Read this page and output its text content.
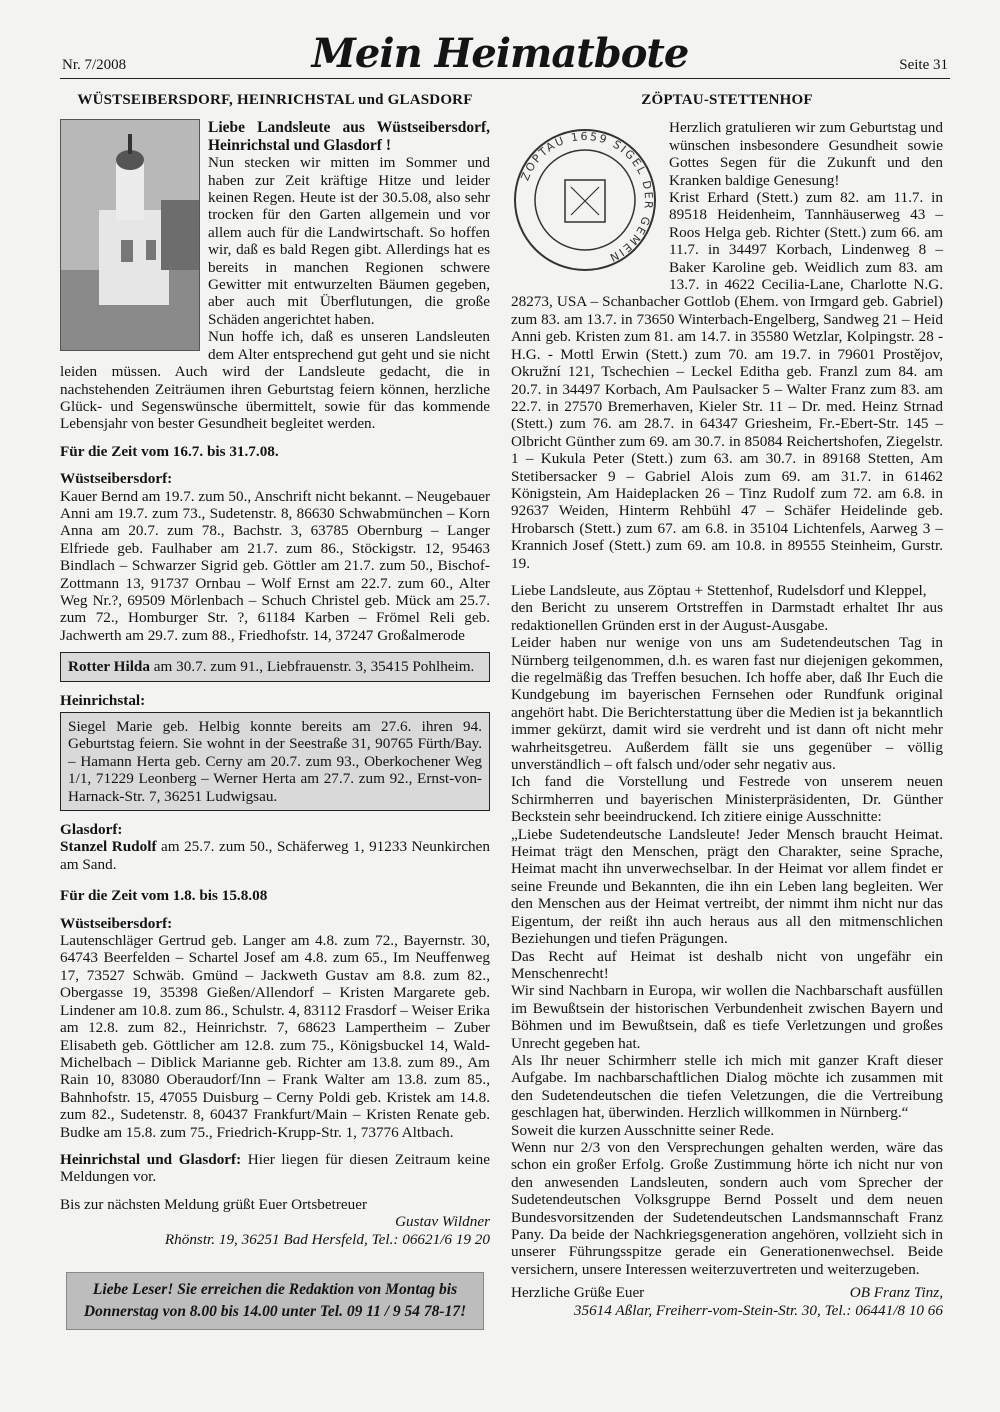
Nr. 7/2008	Mein Heimatbote	Seite 31
WÜSTSEIBERSDORF, HEINRICHSTAL und GLASDORF

Liebe Landsleute aus Wüstseibersdorf, Heinrichstal und Glasdorf !

Nun stecken wir mitten im Sommer und haben zur Zeit kräftige Hitze und leider keinen Regen. Heute ist der 30.5.08, also sehr trocken für den Garten allgemein und vor allem auch für die Landwirtschaft. So hoffen wir, daß es bald Regen gibt. Allerdings hat es bereits in manchen Regionen schwere Gewitter mit entwurzelten Bäumen gegeben, aber auch mit Überflutungen, die große Schäden angerichtet haben.

Nun hoffe ich, daß es unseren Landsleuten dem Alter entsprechend gut geht und sie nicht leiden müssen. Auch wird der Landsleute gedacht, die in nachstehenden Zeiträumen ihren Geburtstag feiern können, herzliche Glück- und Segenswünsche übermittelt, sowie für das kommende Lebensjahr von bester Gesundheit begleitet werden.

Für die Zeit vom 16.7. bis 31.7.08.

Wüstseibersdorf:

Kauer Bernd am 19.7. zum 50., Anschrift nicht bekannt. – Neugebauer Anni am 19.7. zum 73., Sudetenstr. 8, 86630 Schwabmünchen – Korn Anna am 20.7. zum 78., Bachstr. 3, 63785 Obernburg – Langer Elfriede geb. Faulhaber am 21.7. zum 86., Stöckigstr. 12, 95463 Bindlach – Schwarzer Sigrid geb. Göttler am 21.7. zum 50., Bischof-Zottmann 13, 91737 Ornbau – Wolf Ernst am 22.7. zum 60., Alter Weg Nr.?, 69509 Mörlenbach – Schuch Christel geb. Mück am 25.7. zum 72., Homburger Str. ?, 61184 Karben – Frömel Reli geb. Jachwerth am 29.7. zum 88., Friedhofstr. 14, 37247 Großalmerode

Rotter Hilda am 30.7. zum 91., Liebfrauenstr. 3, 35415 Pohlheim.

Heinrichstal:

Siegel Marie geb. Helbig konnte bereits am 27.6. ihren 94. Geburtstag feiern. Sie wohnt in der Seestraße 31, 90765 Fürth/Bay. – Hamann Herta geb. Cerny am 20.7. zum 93., Oberkochener Weg 1/1, 71229 Leonberg – Werner Herta am 27.7. zum 92., Ernst-von-Harnack-Str. 7, 36251 Ludwigsau.

Glasdorf:

Stanzel Rudolf am 25.7. zum 50., Schäferweg 1, 91233 Neunkirchen am Sand.

Für die Zeit vom 1.8. bis 15.8.08

Wüstseibersdorf:

Lautenschläger Gertrud geb. Langer am 4.8. zum 72., Bayernstr. 30, 64743 Beerfelden – Schartel Josef am 4.8. zum 65., Im Neuffenweg 17, 73527 Schwäb. Gmünd – Jackweth Gustav am 8.8. zum 82., Obergasse 19, 35398 Gießen/Allendorf – Kristen Margarete geb. Lindener am 10.8. zum 86., Schulstr. 4, 83112 Frasdorf – Weiser Erika am 12.8. zum 82., Heinrichstr. 7, 68623 Lampertheim – Zuber Elisabeth geb. Göttlicher am 12.8. zum 75., Königsbuckel 14, Wald-Michelbach – Diblick Marianne geb. Richter am 13.8. zum 89., Am Rain 10, 83080 Oberaudorf/Inn – Frank Walter am 13.8. zum 85., Bahnhofstr. 15, 47055 Duisburg – Cerny Poldi geb. Kristek am 14.8. zum 82., Sudetenstr. 8, 60437 Frankfurt/Main – Kristen Renate geb. Budke am 15.8. zum 75., Friedrich-Krupp-Str. 1, 73776 Altbach.

Heinrichstal und Glasdorf: Hier liegen für diesen Zeitraum keine Meldungen vor.

Bis zur nächsten Meldung grüßt Euer Ortsbetreuer

Gustav Wildner

Rhönstr. 19, 36251 Bad Hersfeld, Tel.: 06621/6 19 20

Liebe Leser! Sie erreichen die Redaktion von Montag bis Donnerstag von 8.00 bis 14.00 unter Tel. 09 11 / 9 54 78-17!
ZÖPTAU-STETTENHOF
ZÖPTAU 1659 SIGEL DER GEMEIN

Herzlich gratulieren wir zum Geburtstag und wünschen insbesondere Gesundheit sowie Gottes Segen für die Zukunft und den Kranken baldige Genesung!

Krist Erhard (Stett.) zum 82. am 11.7. in 89518 Heidenheim, Tannhäuserweg 43 – Roos Helga geb. Richter (Stett.) zum 66. am 11.7. in 34497 Korbach, Lindenweg 8 – Baker Karoline geb. Weidlich zum 83. am 13.7. in 4622 Cecilia-Lane, Charlotte N.G. 28273, USA – Schanbacher Gottlob (Ehem. von Irmgard geb. Gabriel) zum 83. am 13.7. in 73650 Winterbach-Engelberg, Sandweg 21 – Heid Anni geb. Kristen zum 81. am 14.7. in 35580 Wetzlar, Kolpingstr. 28 - H.G. - Mottl Erwin (Stett.) zum 70. am 19.7. in 79601 Prostějov, Okružní 121, Tschechien – Leckel Editha geb. Franzl zum 84. am 20.7. in 34497 Korbach, Am Paulsacker 5 – Walter Franz zum 83. am 22.7. in 27570 Bremerhaven, Kieler Str. 11 – Dr. med. Heinz Strnad (Stett.) zum 76. am 28.7. in 64347 Griesheim, Fr.-Ebert-Str. 145 – Olbricht Günther zum 69. am 30.7. in 85084 Reichertshofen, Ziegelstr. 1 – Kukula Peter (Stett.) zum 63. am 30.7. in 89168 Stetten, Am Stetibersacker 9 – Gabriel Alois zum 69. am 31.7. in 61462 Königstein, Am Haideplacken 26 – Tinz Rudolf zum 72. am 6.8. in 92637 Weiden, Hinterm Rehbühl 47 – Schäfer Heidelinde geb. Hrobarsch (Stett.) zum 67. am 6.8. in 35104 Lichtenfels, Aarweg 3 – Krannich Josef (Stett.) zum 69. am 10.8. in 89555 Steinheim, Gurstr. 19.

Liebe Landsleute, aus Zöptau + Stettenhof, Rudelsdorf und Kleppel,

den Bericht zu unserem Ortstreffen in Darmstadt erhaltet Ihr aus redaktionellen Gründen erst in der August-Ausgabe.

Leider haben nur wenige von uns am Sudetendeutschen Tag in Nürnberg teilgenommen, d.h. es waren fast nur diejenigen gekommen, die regelmäßig das Treffen besuchen. Ich hoffe aber, daß Ihr Euch die Kundgebung im bayerischen Fernsehen oder Rundfunk original angehört habt. Die Berichterstattung über die Medien ist ja bekanntlich immer gekürzt, damit wird sie verdreht und ist dann oft nicht mehr wahrheitsgetreu. Außerdem fällt sie uns gegenüber – völlig unverständlich – oft falsch und/oder sehr negativ aus.

Ich fand die Vorstellung und Festrede von unserem neuen Schirmherren und bayerischen Ministerpräsidenten, Dr. Günther Beckstein sehr beeindruckend. Ich zitiere einige Ausschnitte:

„Liebe Sudetendeutsche Landsleute! Jeder Mensch braucht Heimat. Heimat trägt den Menschen, prägt den Charakter, seine Sprache, Heimat macht ihn unverwechselbar. In der Heimat vor allem findet er seine Freunde und Bekannten, die ihn ein Leben lang begleiten. Wer den Menschen aus der Heimat vertreibt, der nimmt ihm nicht nur das Eigentum, der reißt ihn auch heraus aus all den mitmenschlichen Beziehungen und tiefen Prägungen.

Das Recht auf Heimat ist deshalb nicht von ungefähr ein Menschenrecht!

Wir sind Nachbarn in Europa, wir wollen die Nachbarschaft ausfüllen im Bewußtsein der historischen Verbundenheit zwischen Bayern und Böhmen und im Bewußtsein, daß es tiefe Verletzungen und großes Unrecht gegeben hat.

Als Ihr neuer Schirmherr stelle ich mich mit ganzer Kraft dieser Aufgabe. Im nachbarschaftlichen Dialog möchte ich zusammen mit den Sudetendeutschen die tiefen Veletzungen, die die Vertreibung geschlagen hat, überwinden. Herzlich willkommen in Nürnberg.“

Soweit die kurzen Ausschnitte seiner Rede.

Wenn nur 2/3 von den Versprechungen gehalten werden, wäre das schon ein großer Erfolg. Große Zustimmung hörte ich nicht nur von den anwesenden Landsleuten, sondern auch vom Sprecher der Sudetendeutschen Volksgruppe Bernd Posselt und dem neuen Bundesvorsitzenden der Sudetendeutschen Landsmannschaft Franz Pany. Da beide der Nachkriegsgeneration angehören, vollzieht sich in unserer Führungsspitze gerade ein Generationenwechsel. Beide versichern, unsere Interessen weiterzuvertreten und weiterzugeben.

Herzliche Grüße Euer	OB Franz Tinz,

35614 Aßlar, Freiherr-vom-Stein-Str. 30, Tel.: 06441/8 10 66
